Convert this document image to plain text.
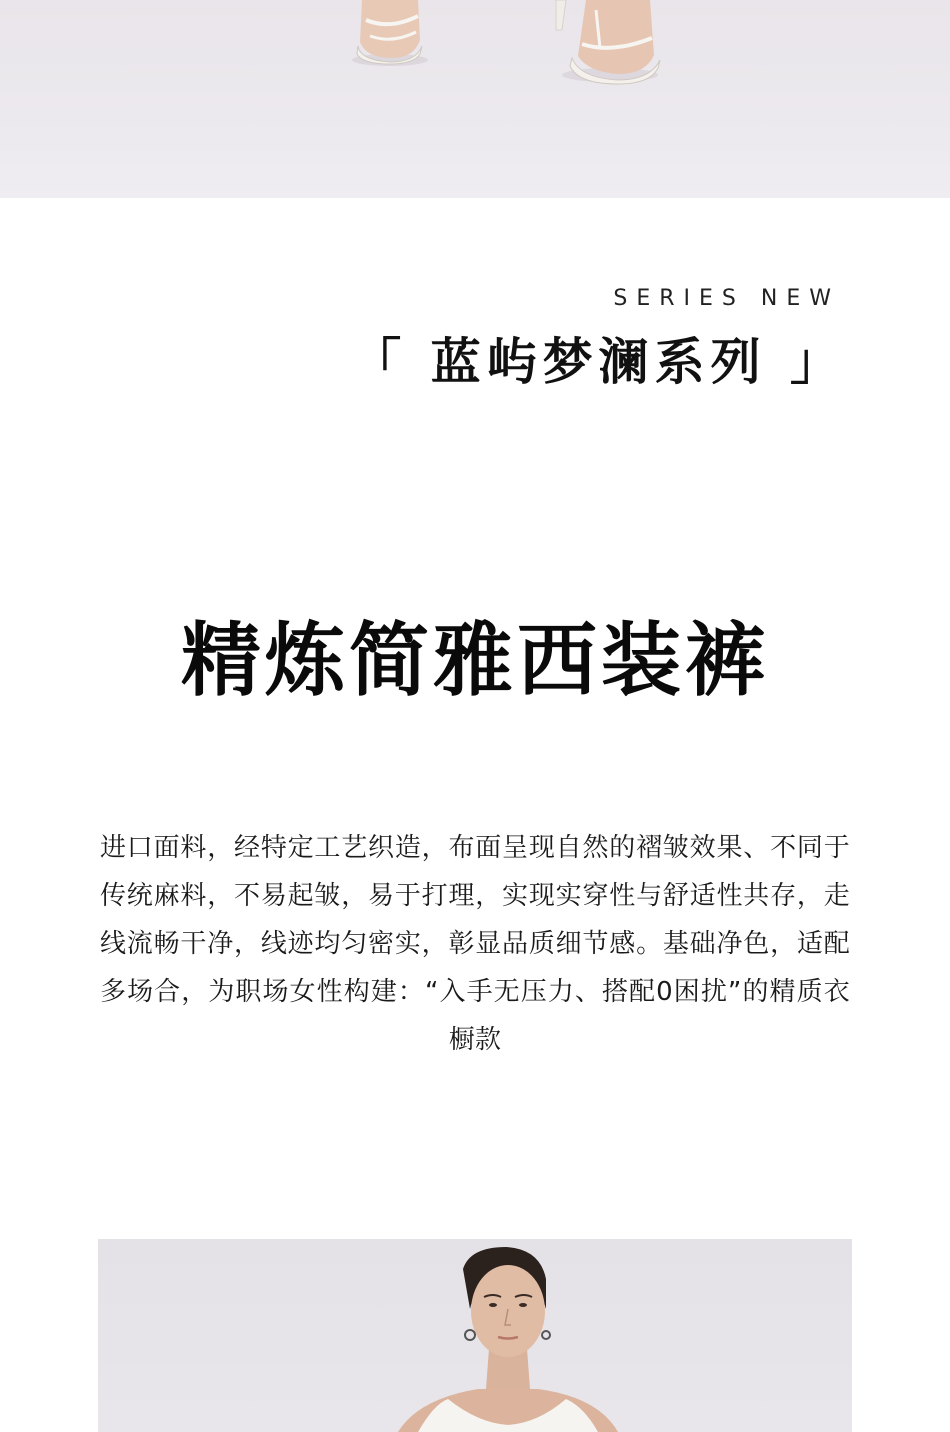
SERIES NEW
「 蓝屿梦澜系列 」
精炼简雅西装裤
进口面料，经特定工艺织造，布面呈现自然的褶皱效果、不同于传统麻料，不易起皱，易于打理，实现实穿性与舒适性共存，走线流畅干净，线迹均匀密实，彰显品质细节感。基础净色，适配多场合，为职场女性构建：“入手无压力、搭配0困扰”的精质衣橱款
